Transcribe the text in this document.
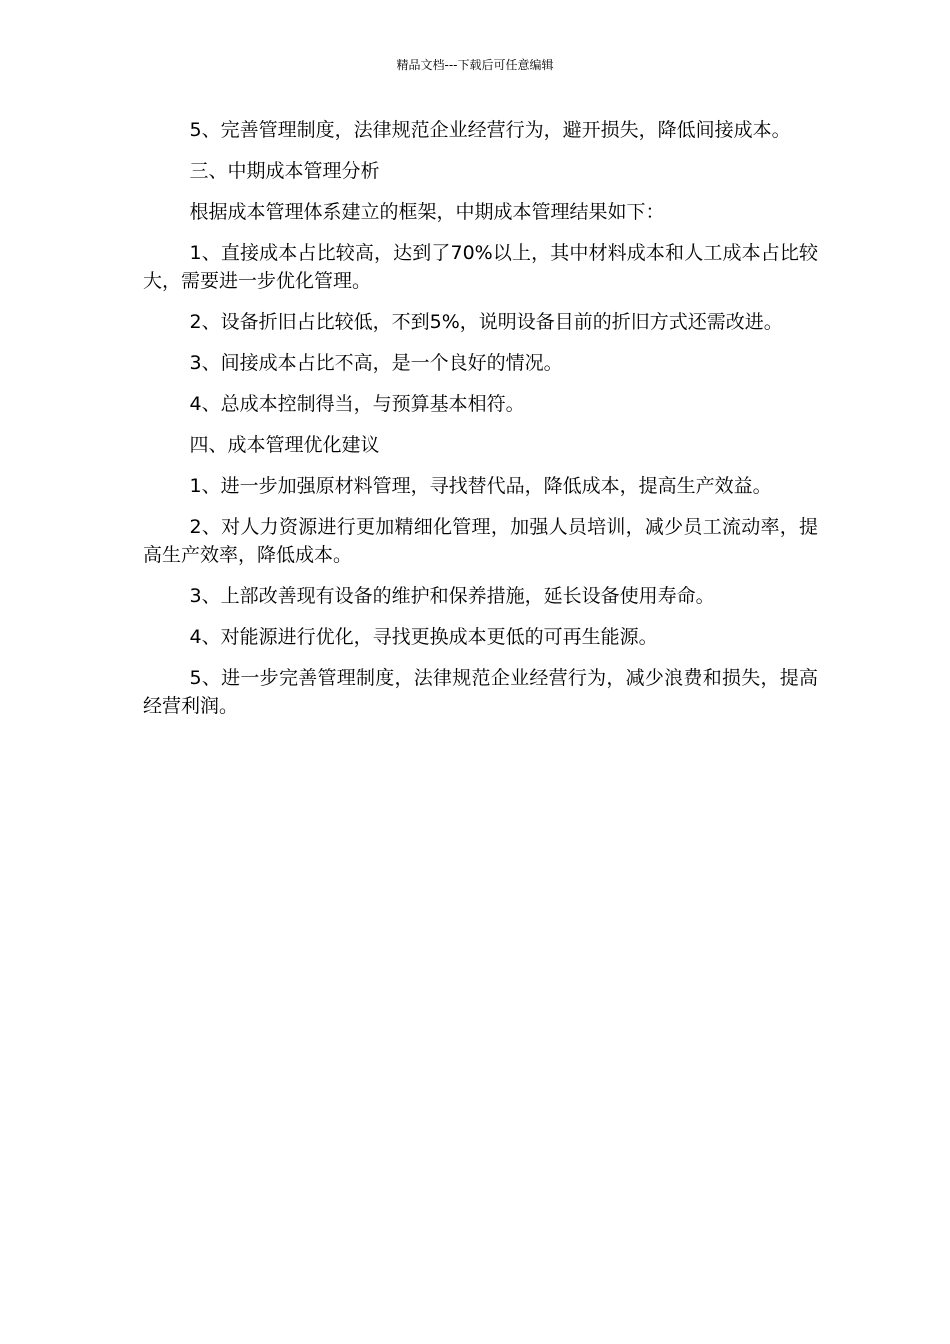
精品文档---下载后可任意编辑

5、完善管理制度，法律规范企业经营行为，避开损失，降低间接成本。

三、中期成本管理分析

根据成本管理体系建立的框架，中期成本管理结果如下：

1、直接成本占比较高，达到了70%以上，其中材料成本和人工成本占比较大，需要进一步优化管理。

2、设备折旧占比较低，不到5%，说明设备目前的折旧方式还需改进。

3、间接成本占比不高，是一个良好的情况。

4、总成本控制得当，与预算基本相符。

四、成本管理优化建议

1、进一步加强原材料管理，寻找替代品，降低成本，提高生产效益。

2、对人力资源进行更加精细化管理，加强人员培训，减少员工流动率，提高生产效率，降低成本。

3、上部改善现有设备的维护和保养措施，延长设备使用寿命。

4、对能源进行优化，寻找更换成本更低的可再生能源。

5、进一步完善管理制度，法律规范企业经营行为，减少浪费和损失，提高经营利润。
